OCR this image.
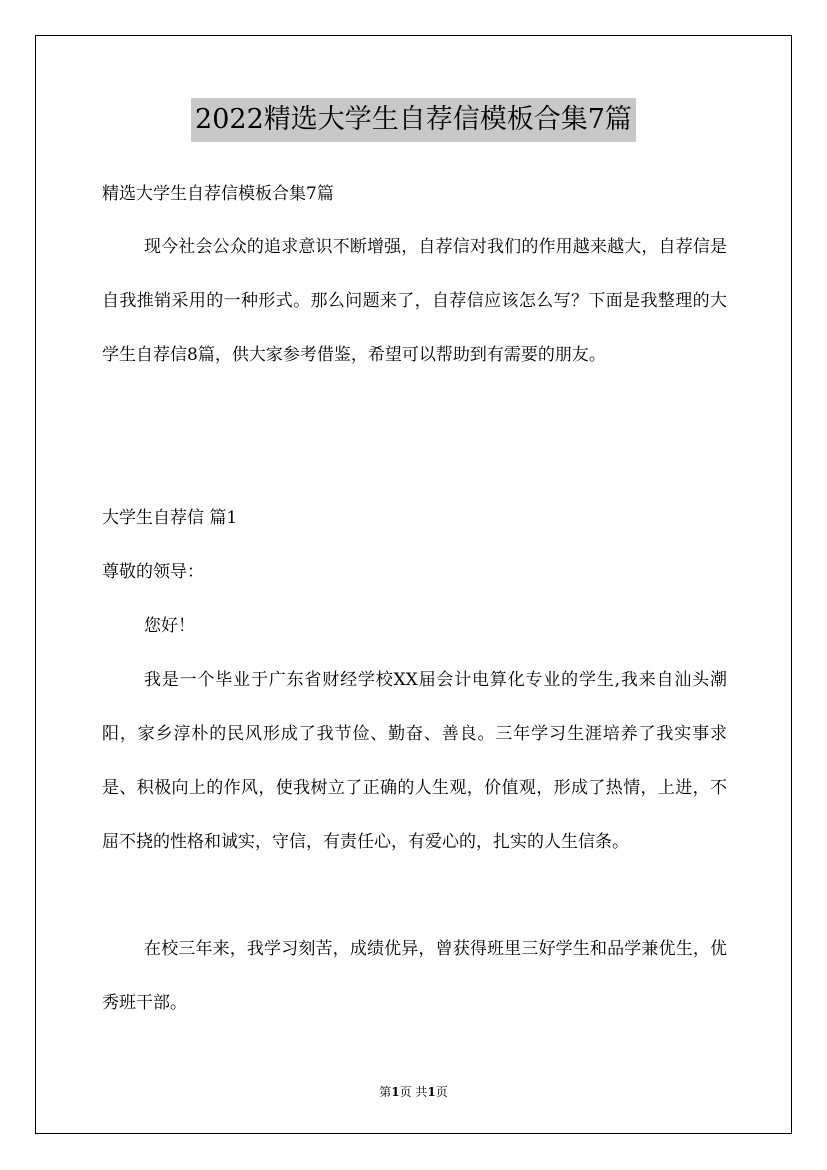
2022精选大学生自荐信模板合集7篇

精选大学生自荐信模板合集7篇

现今社会公众的追求意识不断增强，自荐信对我们的作用越来越大，自荐信是自我推销采用的一种形式。那么问题来了，自荐信应该怎么写？下面是我整理的大学生自荐信8篇，供大家参考借鉴，希望可以帮助到有需要的朋友。

大学生自荐信 篇1

尊敬的领导：

您好！

我是一个毕业于广东省财经学校XX届会计电算化专业的学生,我来自汕头潮阳，家乡淳朴的民风形成了我节俭、勤奋、善良。三年学习生涯培养了我实事求是、积极向上的作风，使我树立了正确的人生观，价值观，形成了热情，上进，不屈不挠的性格和诚实，守信，有责任心，有爱心的，扎实的人生信条。

在校三年来，我学习刻苦，成绩优异，曾获得班里三好学生和品学兼优生，优秀班干部。

第1页 共1页
